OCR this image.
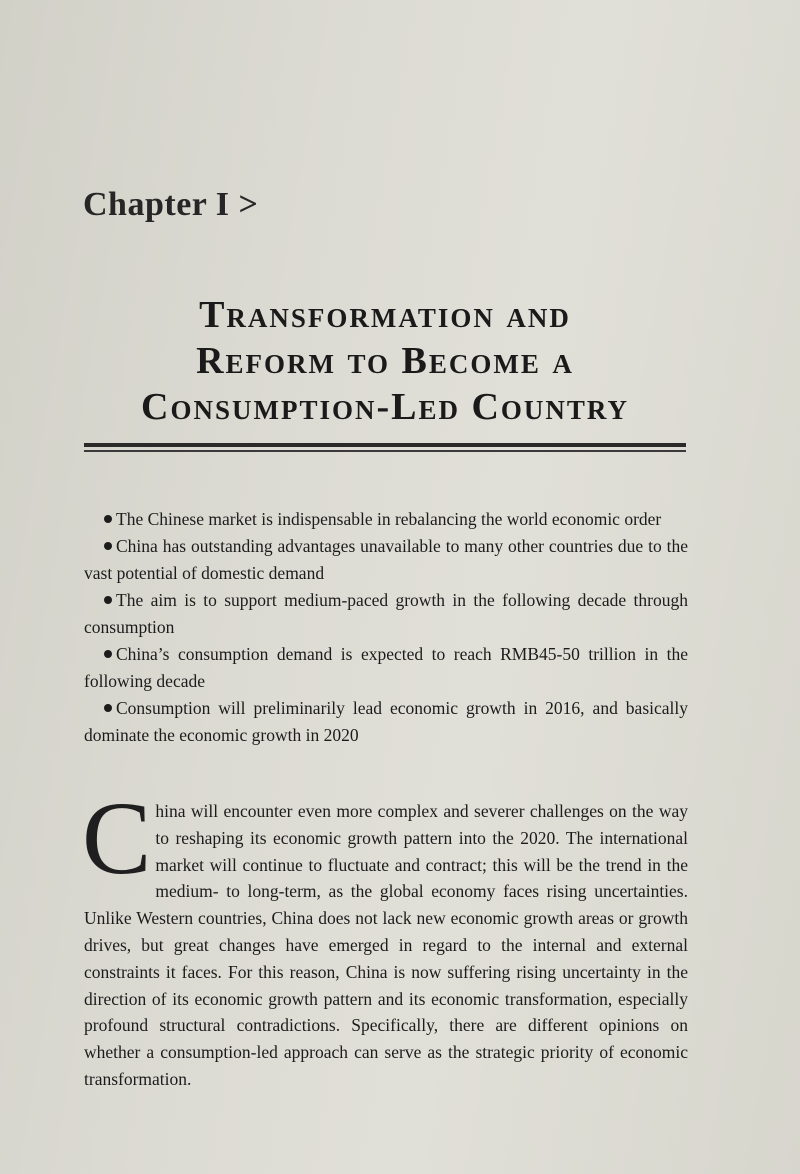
Chapter I >
Transformation and
Reform to Become a
Consumption-Led Country

The Chinese market is indispensable in rebalancing the world economic order

China has outstanding advantages unavailable to many other countries due to the vast potential of domestic demand

The aim is to support medium-paced growth in the following decade through consumption

China’s consumption demand is expected to reach RMB45-50 trillion in the following decade

Consumption will preliminarily lead economic growth in 2016, and basically dominate the economic growth in 2020

C hina will encounter even more complex and severer challenges on the way to reshaping its economic growth pattern into the 2020. The international market will continue to fluctuate and contract; this will be the trend in the medium- to long-term, as the global economy faces rising uncertainties. Unlike Western countries, China does not lack new economic growth areas or growth drives, but great changes have emerged in regard to the internal and external constraints it faces. For this reason, China is now suffering rising uncertainty in the direction of its economic growth pattern and its economic transformation, especially profound structural contradictions. Specifically, there are different opinions on whether a consumption-led approach can serve as the strategic priority of economic transformation.
